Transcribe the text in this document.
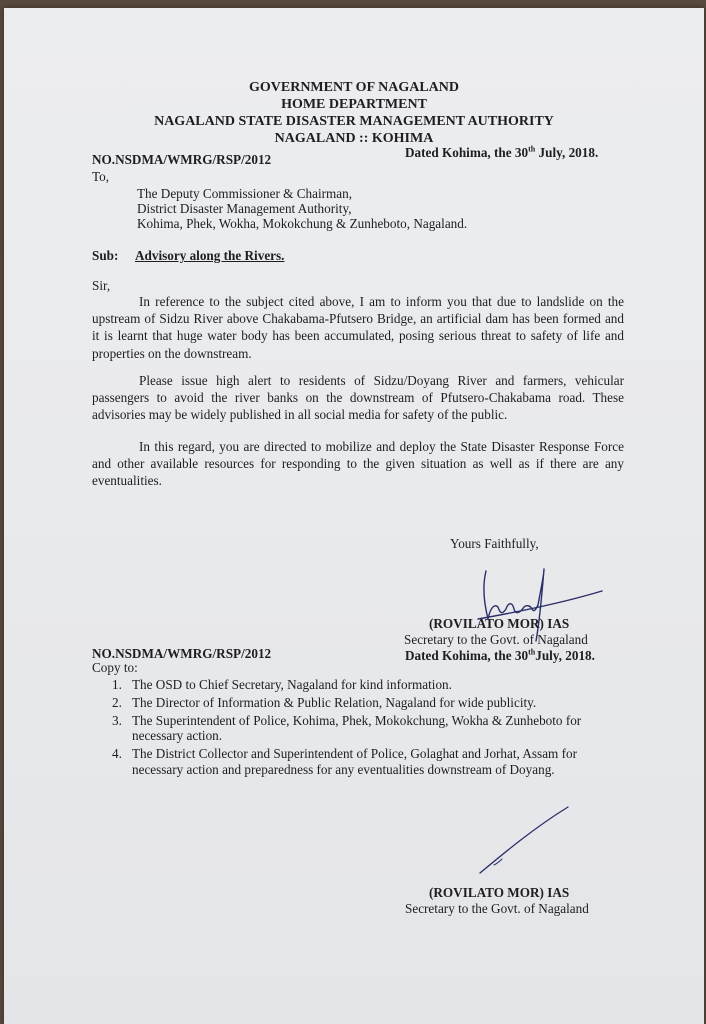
GOVERNMENT OF NAGALAND
HOME DEPARTMENT
NAGALAND STATE DISASTER MANAGEMENT AUTHORITY
NAGALAND :: KOHIMA
NO.NSDMA/WMRG/RSP/2012	Dated Kohima, the 30th July, 2018.
To,
The Deputy Commissioner & Chairman,
District Disaster Management Authority,
Kohima, Phek, Wokha, Mokokchung & Zunheboto, Nagaland.
Sub: Advisory along the Rivers.
Sir,
In reference to the subject cited above, I am to inform you that due to landslide on the upstream of Sidzu River above Chakabama-Pfutsero Bridge, an artificial dam has been formed and it is learnt that huge water body has been accumulated, posing serious threat to safety of life and properties on the downstream.
Please issue high alert to residents of Sidzu/Doyang River and farmers, vehicular passengers to avoid the river banks on the downstream of Pfutsero-Chakabama road. These advisories may be widely published in all social media for safety of the public.
In this regard, you are directed to mobilize and deploy the State Disaster Response Force and other available resources for responding to the given situation as well as if there are any eventualities.
Yours Faithfully,
(ROVILATO MOR) IAS
Secretary to the Govt. of Nagaland
NO.NSDMA/WMRG/RSP/2012	Dated Kohima, the 30thJuly, 2018.
Copy to:
1. The OSD to Chief Secretary, Nagaland for kind information.
2. The Director of Information & Public Relation, Nagaland for wide publicity.
3. The Superintendent of Police, Kohima, Phek, Mokokchung, Wokha & Zunheboto for
necessary action.
4. The District Collector and Superintendent of Police, Golaghat and Jorhat, Assam for
necessary action and preparedness for any eventualities downstream of Doyang.
(ROVILATO MOR) IAS
Secretary to the Govt. of Nagaland
